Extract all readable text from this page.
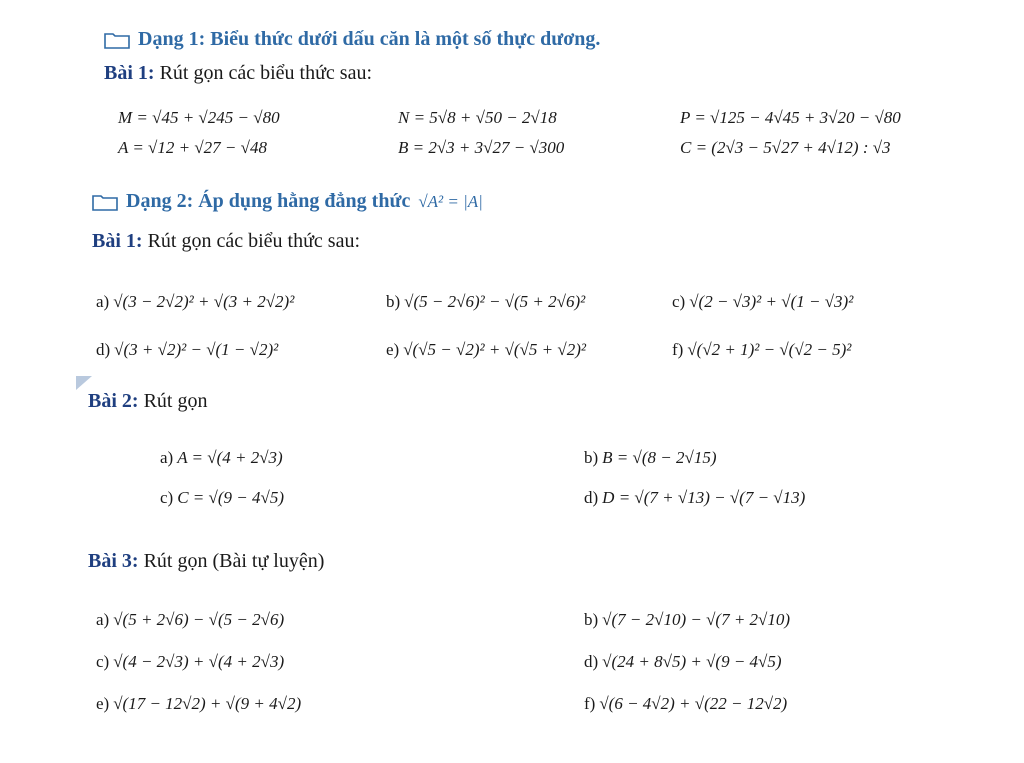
Dạng 1: Biểu thức dưới dấu căn là một số thực dương.
Bài 1: Rút gọn các biểu thức sau:
M = √45 + √245 − √80	N = 5√8 + √50 − 2√18	P = √125 − 4√45 + 3√20 − √80
A = √12 + √27 − √48	B = 2√3 + 3√27 − √300	C = (2√3 − 5√27 + 4√12) : √3
Dạng 2: Áp dụng hằng đẳng thức √A² = |A|
Bài 1: Rút gọn các biểu thức sau:
a) √(3 − 2√2)² + √(3 + 2√2)²	b) √(5 − 2√6)² − √(5 + 2√6)²	c) √(2 − √3)² + √(1 − √3)²
d) √(3 + √2)² − √(1 − √2)²	e) √(√5 − √2)² + √(√5 + √2)²	f) √(√2 + 1)² − √(√2 − 5)²
Bài 2: Rút gọn
a) A = √(4 + 2√3)	b) B = √(8 − 2√15)
c) C = √(9 − 4√5)	d) D = √(7 + √13) − √(7 − √13)
Bài 3: Rút gọn (Bài tự luyện)
a) √(5 + 2√6) − √(5 − 2√6)	b) √(7 − 2√10) − √(7 + 2√10)
c) √(4 − 2√3) + √(4 + 2√3)	d) √(24 + 8√5) + √(9 − 4√5)
e) √(17 − 12√2) + √(9 + 4√2)	f) √(6 − 4√2) + √(22 − 12√2)
